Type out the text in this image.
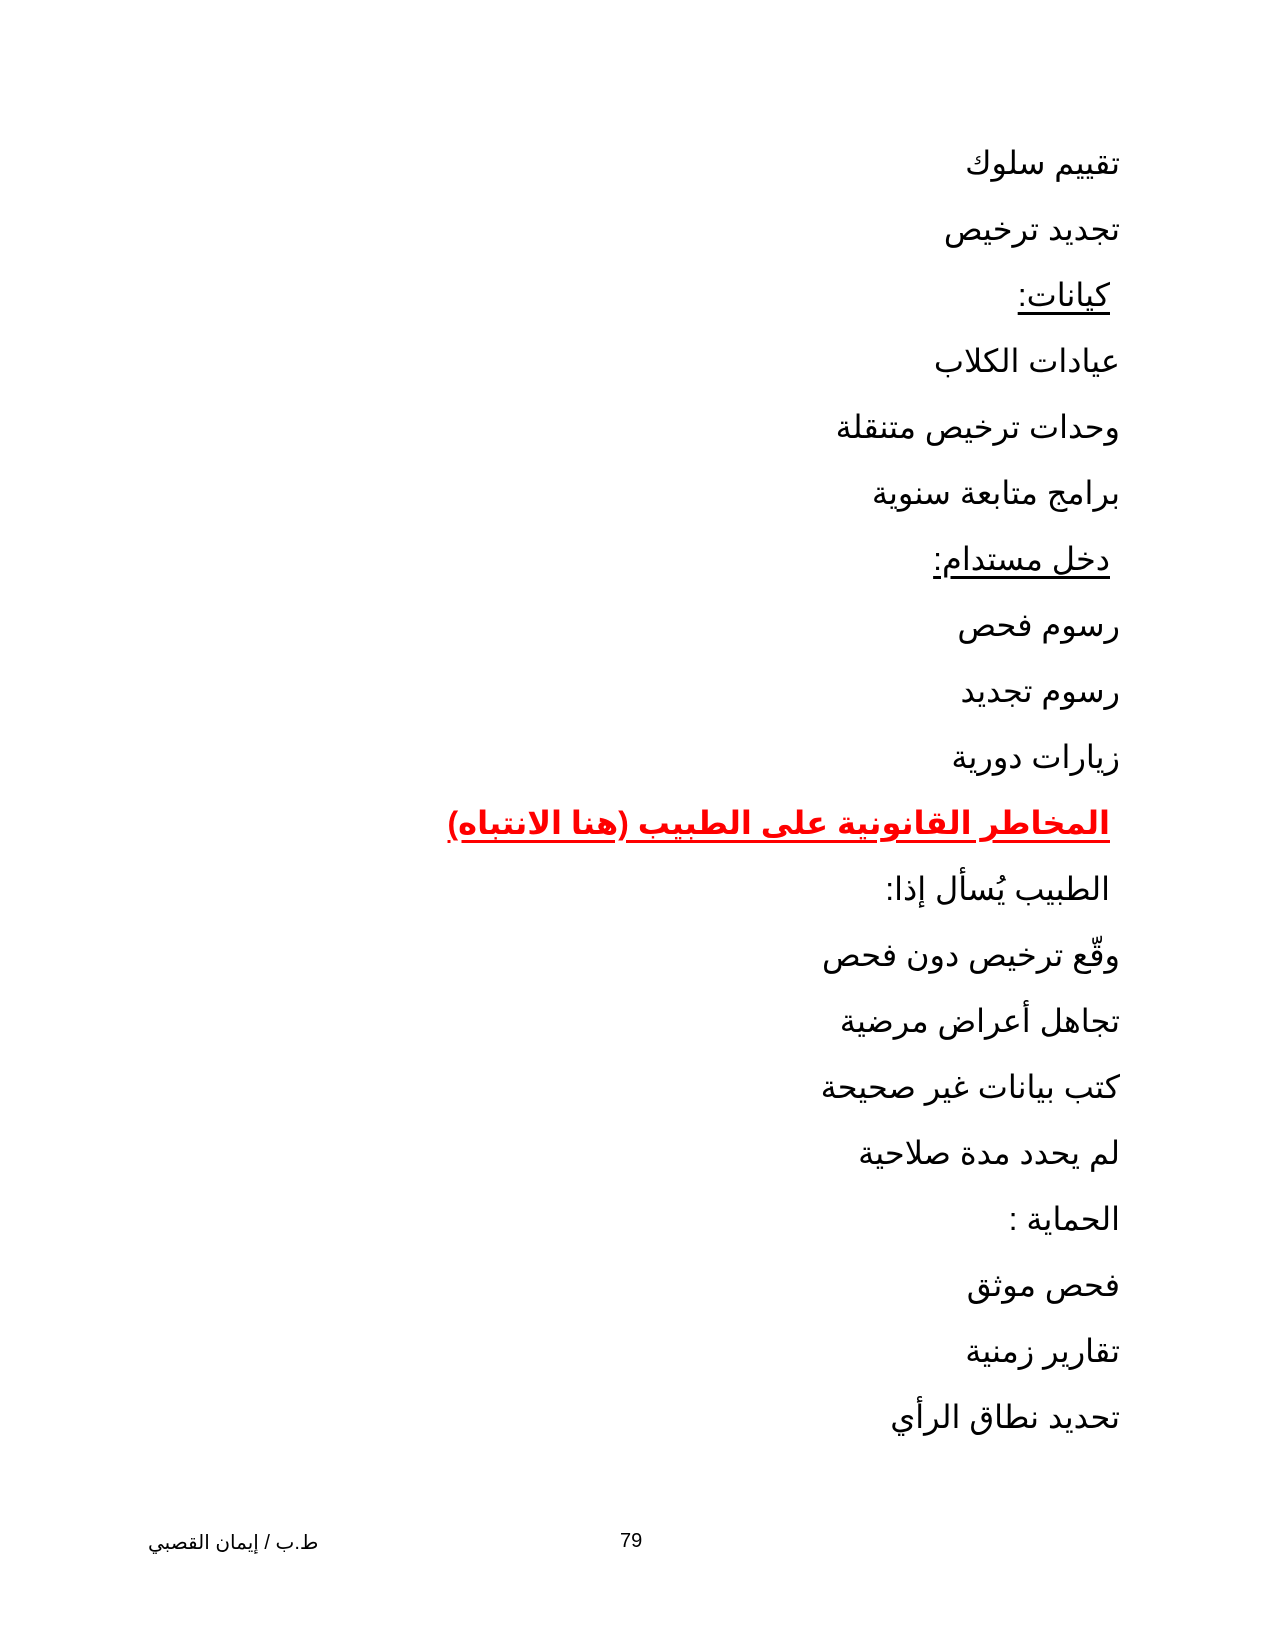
تقييم سلوك
تجديد ترخيص
كيانات:
عيادات الكلاب
وحدات ترخيص متنقلة
برامج متابعة سنوية
دخل مستدام:
رسوم فحص
رسوم تجديد
زيارات دورية
المخاطر القانونية على الطبيب (هنا الانتباه)
الطبيب يُسأل إذا:
وقّع ترخيص دون فحص
تجاهل أعراض مرضية
كتب بيانات غير صحيحة
لم يحدد مدة صلاحية
الحماية :
فحص موثق
تقارير زمنية
تحديد نطاق الرأي
79
ط.ب / إيمان القصبي
